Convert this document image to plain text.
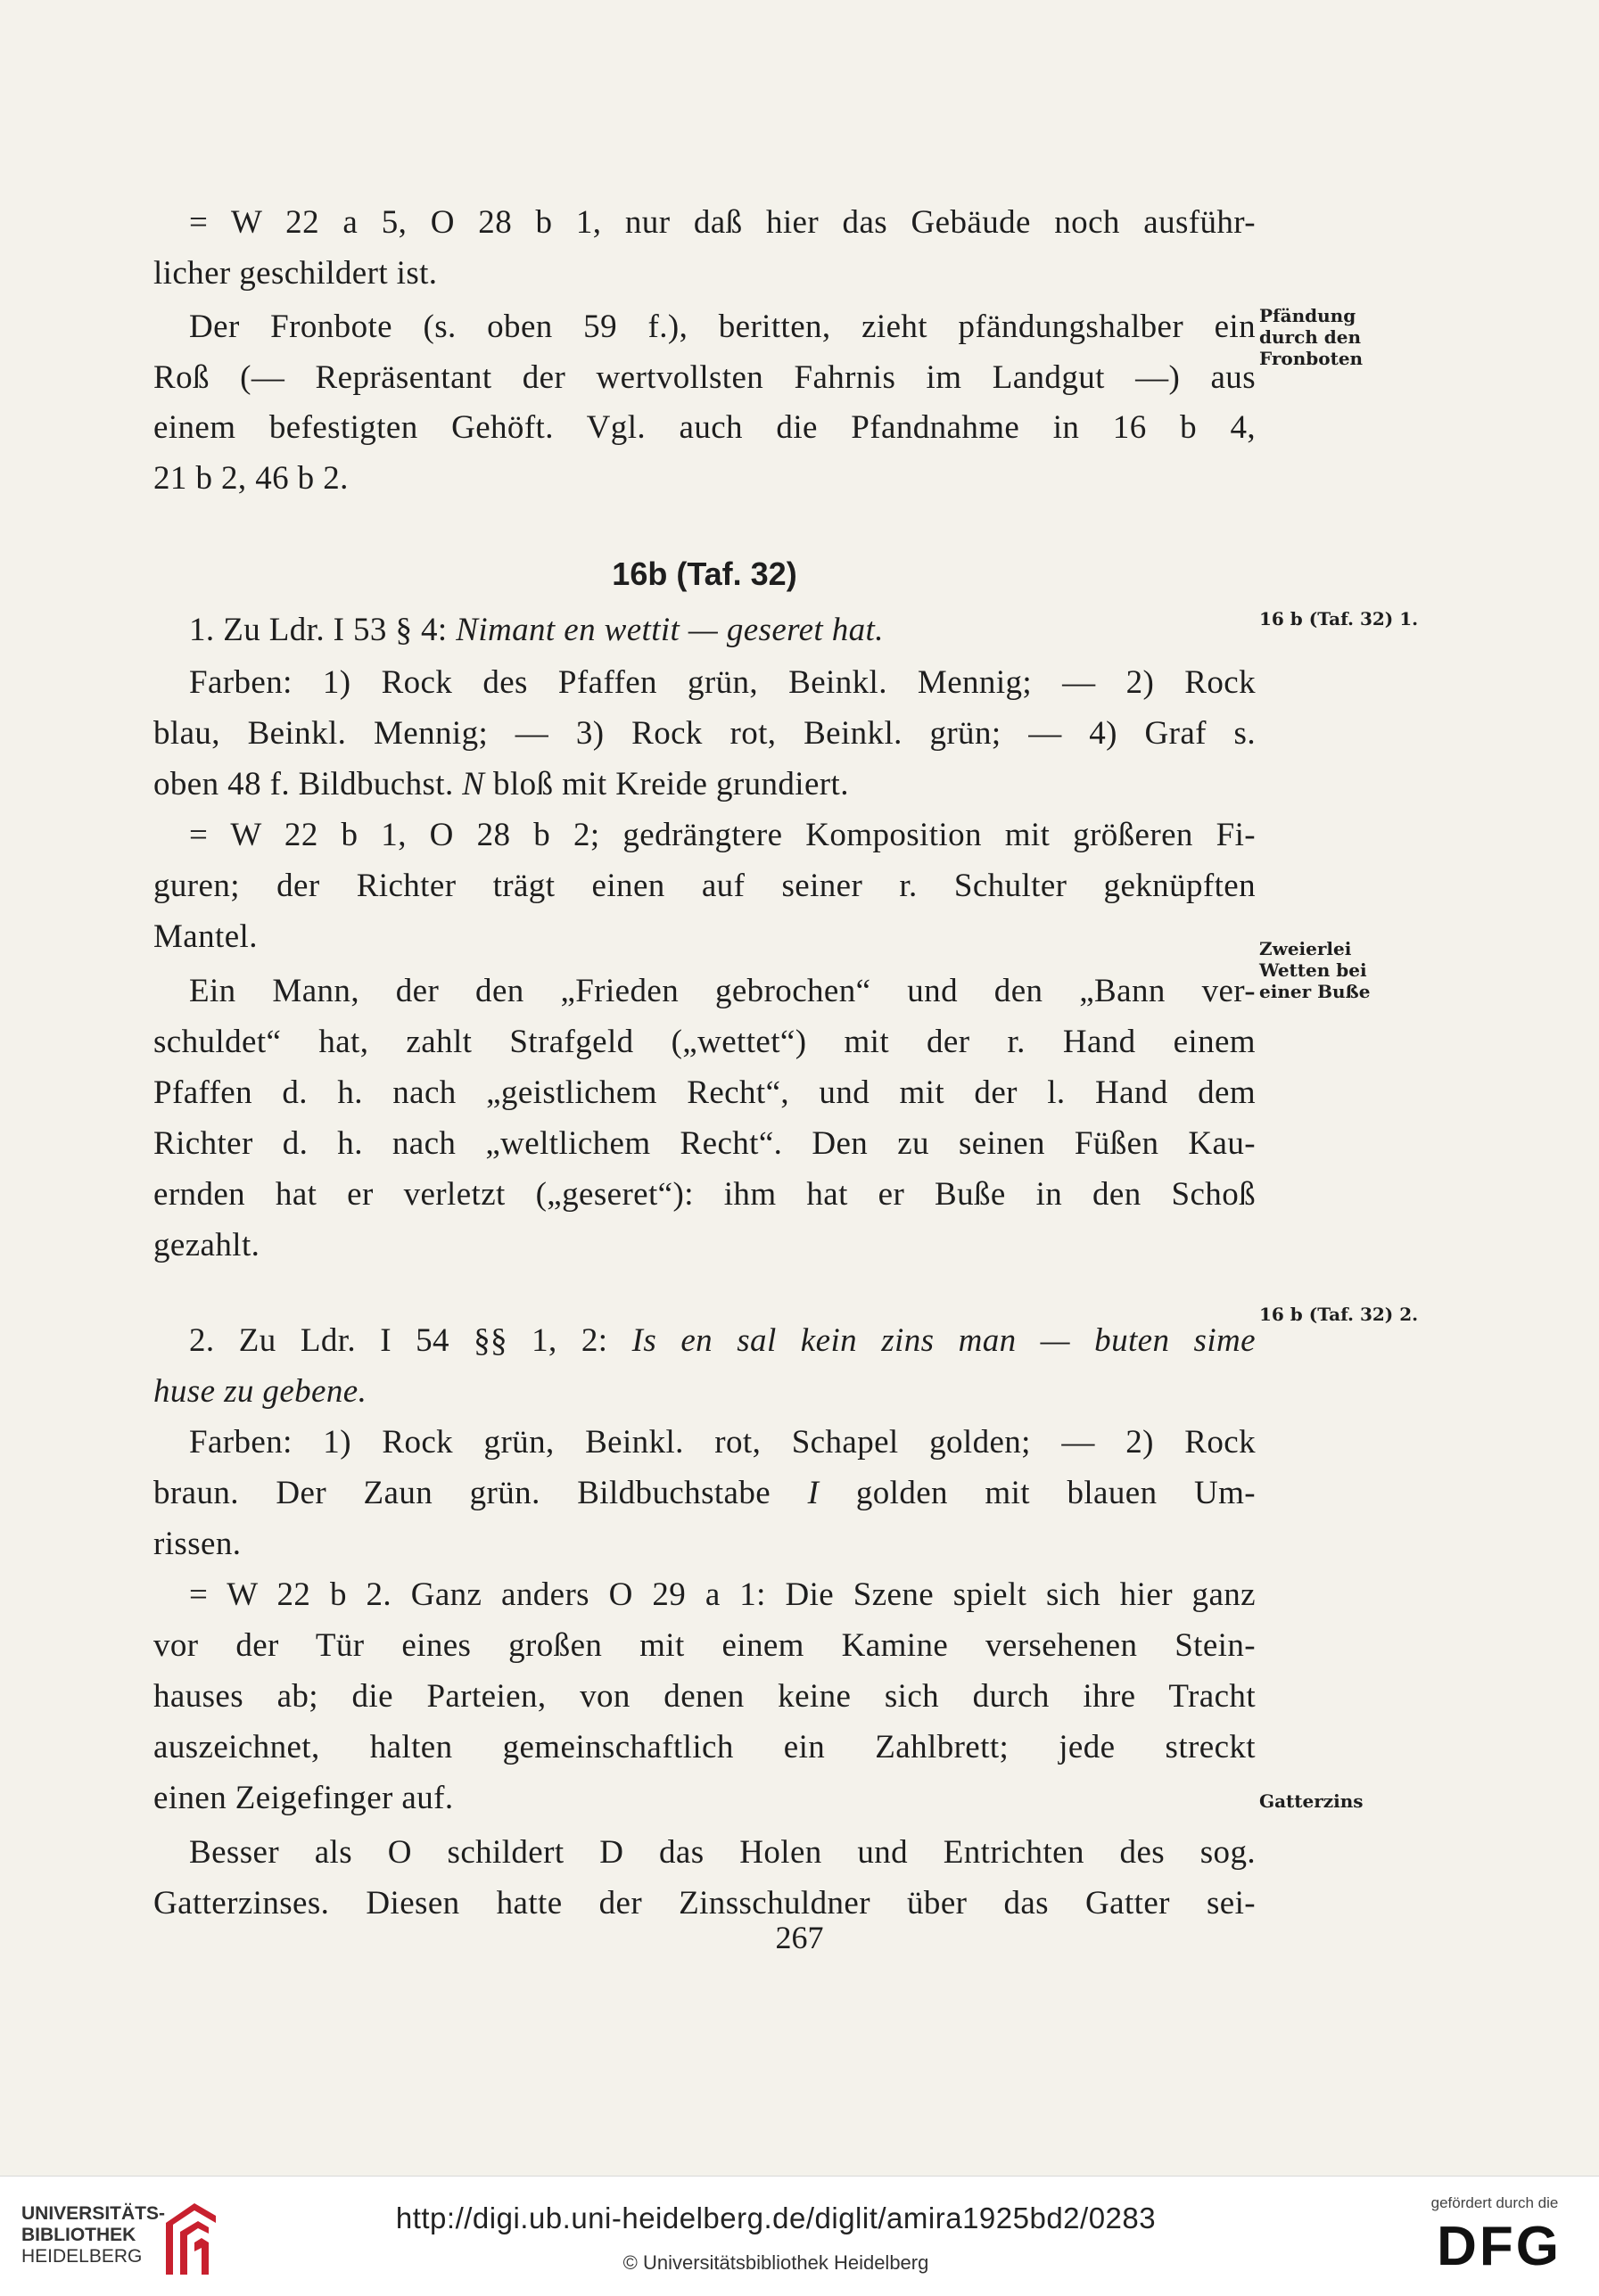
= W 22 a 5, O 28 b 1, nur daß hier das Gebäude noch ausführ-
licher geschildert ist.
Der Fronbote (s. oben 59 f.), beritten, zieht pfändungshalber ein
Roß (— Repräsentant der wertvollsten Fahrnis im Landgut —) aus
einem befestigten Gehöft. Vgl. auch die Pfandnahme in 16 b 4,
21 b 2, 46 b 2.
16b (Taf. 32)
1. Zu Ldr. I 53 § 4: Nimant en wettit — geseret hat.
Farben: 1) Rock des Pfaffen grün, Beinkl. Mennig; — 2) Rock
blau, Beinkl. Mennig; — 3) Rock rot, Beinkl. grün; — 4) Graf s.
oben 48 f. Bildbuchst. N bloß mit Kreide grundiert.
= W 22 b 1, O 28 b 2; gedrängtere Komposition mit größeren Fi-
guren; der Richter trägt einen auf seiner r. Schulter geknüpften
Mantel.
Ein Mann, der den „Frieden gebrochen“ und den „Bann ver-
schuldet“ hat, zahlt Strafgeld („wettet“) mit der r. Hand einem
Pfaffen d. h. nach „geistlichem Recht“, und mit der l. Hand dem
Richter d. h. nach „weltlichem Recht“. Den zu seinen Füßen Kau-
ernden hat er verletzt („geseret“): ihm hat er Buße in den Schoß
gezahlt.
2. Zu Ldr. I 54 §§ 1, 2: Is en sal kein zins man — buten sime
huse zu gebene.
Farben: 1) Rock grün, Beinkl. rot, Schapel golden; — 2) Rock
braun. Der Zaun grün. Bildbuchstabe I golden mit blauen Um-
rissen.
= W 22 b 2. Ganz anders O 29 a 1: Die Szene spielt sich hier ganz
vor der Tür eines großen mit einem Kamine versehenen Stein-
hauses ab; die Parteien, von denen keine sich durch ihre Tracht
auszeichnet, halten gemeinschaftlich ein Zahlbrett; jede streckt
einen Zeigefinger auf.
Besser als O schildert D das Holen und Entrichten des sog.
Gatterzinses. Diesen hatte der Zinsschuldner über das Gatter sei-
Pfändung
durch den
Fronboten
16 b (Taf. 32) 1.
Zweierlei
Wetten bei
einer Buße
16 b (Taf. 32) 2.
Gatterzins
267
UNIVERSITÄTS-
BIBLIOTHEK
HEIDELBERG
http://digi.ub.uni-heidelberg.de/diglit/amira1925bd2/0283
© Universitätsbibliothek Heidelberg
gefördert durch die
DFG
